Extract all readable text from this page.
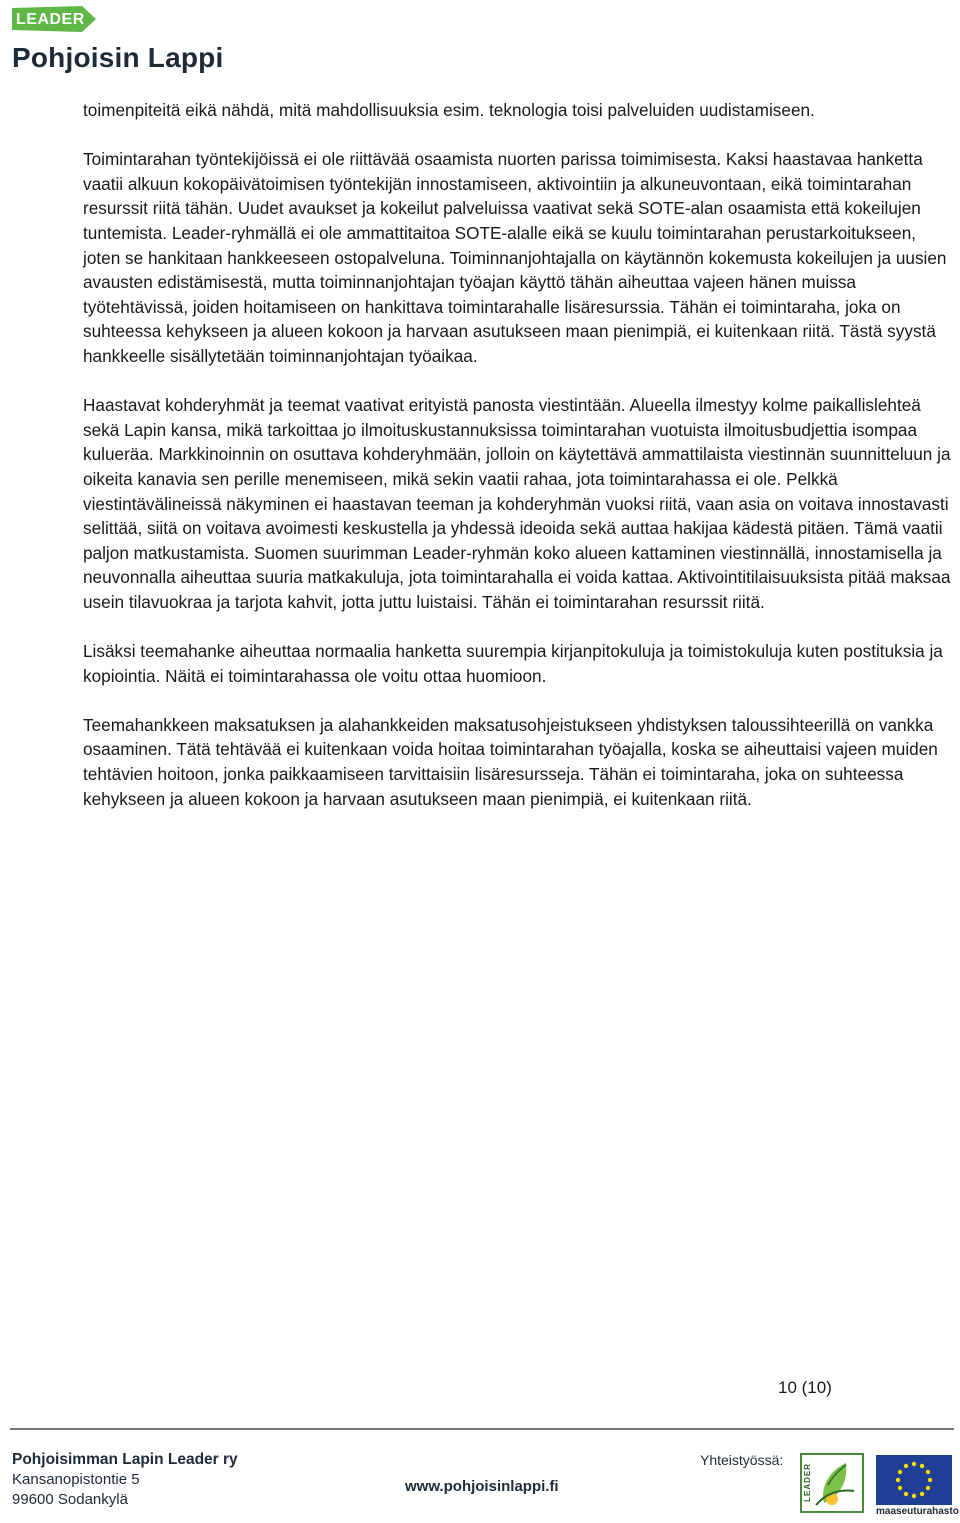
LEADER
Pohjoisin Lappi

toimenpiteitä eikä nähdä, mitä mahdollisuuksia esim. teknologia toisi palveluiden uudistamiseen.

Toimintarahan työntekijöissä ei ole riittävää osaamista nuorten parissa toimimisesta. Kaksi haastavaa hanketta vaatii alkuun kokopäivätoimisen työntekijän innostamiseen, aktivointiin ja alkuneuvontaan, eikä toimintarahan resurssit riitä tähän. Uudet avaukset ja kokeilut palveluissa vaativat sekä SOTE-alan osaamista että kokeilujen tuntemista. Leader-ryhmällä ei ole ammattitaitoa SOTE-alalle eikä se kuulu toimintarahan perustarkoitukseen, joten se hankitaan hankkeeseen ostopalveluna. Toiminnanjohtajalla on käytännön kokemusta kokeilujen ja uusien avausten edistämisestä, mutta toiminnanjohtajan työajan käyttö tähän aiheuttaa vajeen hänen muissa työtehtävissä, joiden hoitamiseen on hankittava toimintarahalle lisäresurssia. Tähän ei toimintaraha, joka on suhteessa kehykseen ja alueen kokoon ja harvaan asutukseen maan pienimpiä, ei kuitenkaan riitä. Tästä syystä hankkeelle sisällytetään toiminnanjohtajan työaikaa.

Haastavat kohderyhmät ja teemat vaativat erityistä panosta viestintään. Alueella ilmestyy kolme paikallislehteä sekä Lapin kansa, mikä tarkoittaa jo ilmoituskustannuksissa toimintarahan vuotuista ilmoitusbudjettia isompaa kulueräa. Markkinoinnin on osuttava kohderyhmään, jolloin on käytettävä ammattilaista viestinnän suunnitteluun ja oikeita kanavia sen perille menemiseen, mikä sekin vaatii rahaa, jota toimintarahassa ei ole. Pelkkä viestintävälineissä näkyminen ei haastavan teeman ja kohderyhmän vuoksi riitä, vaan asia on voitava innostavasti selittää, siitä on voitava avoimesti keskustella ja yhdessä ideoida sekä auttaa hakijaa kädestä pitäen. Tämä vaatii paljon matkustamista. Suomen suurimman Leader-ryhmän koko alueen kattaminen viestinnällä, innostamisella ja neuvonnalla aiheuttaa suuria matkakuluja, jota toimintarahalla ei voida kattaa. Aktivointitilaisuuksista pitää maksaa usein tilavuokraa ja tarjota kahvit, jotta juttu luistaisi. Tähän ei toimintarahan resurssit riitä.

Lisäksi teemahanke aiheuttaa normaalia hanketta suurempia kirjanpitokuluja ja toimistokuluja kuten postituksia ja kopiointia. Näitä ei toimintarahassa ole voitu ottaa huomioon.

Teemahankkeen maksatuksen ja alahankkeiden maksatusohjeistukseen yhdistyksen taloussihteerillä on vankka osaaminen. Tätä tehtävää ei kuitenkaan voida hoitaa toimintarahan työajalla, koska se aiheuttaisi vajeen muiden tehtävien hoitoon, jonka paikkaamiseen tarvittaisiin lisäresursseja. Tähän ei toimintaraha, joka on suhteessa kehykseen ja alueen kokoon ja harvaan asutukseen maan pienimpiä, ei kuitenkaan riitä.

10 (10)
Pohjoisimman Lapin Leader ry
Kansanopistontie 5
99600 Sodankylä
www.pohjoisinlappi.fi
Yhteistyössä:
LEADER
maaseuturahasto
